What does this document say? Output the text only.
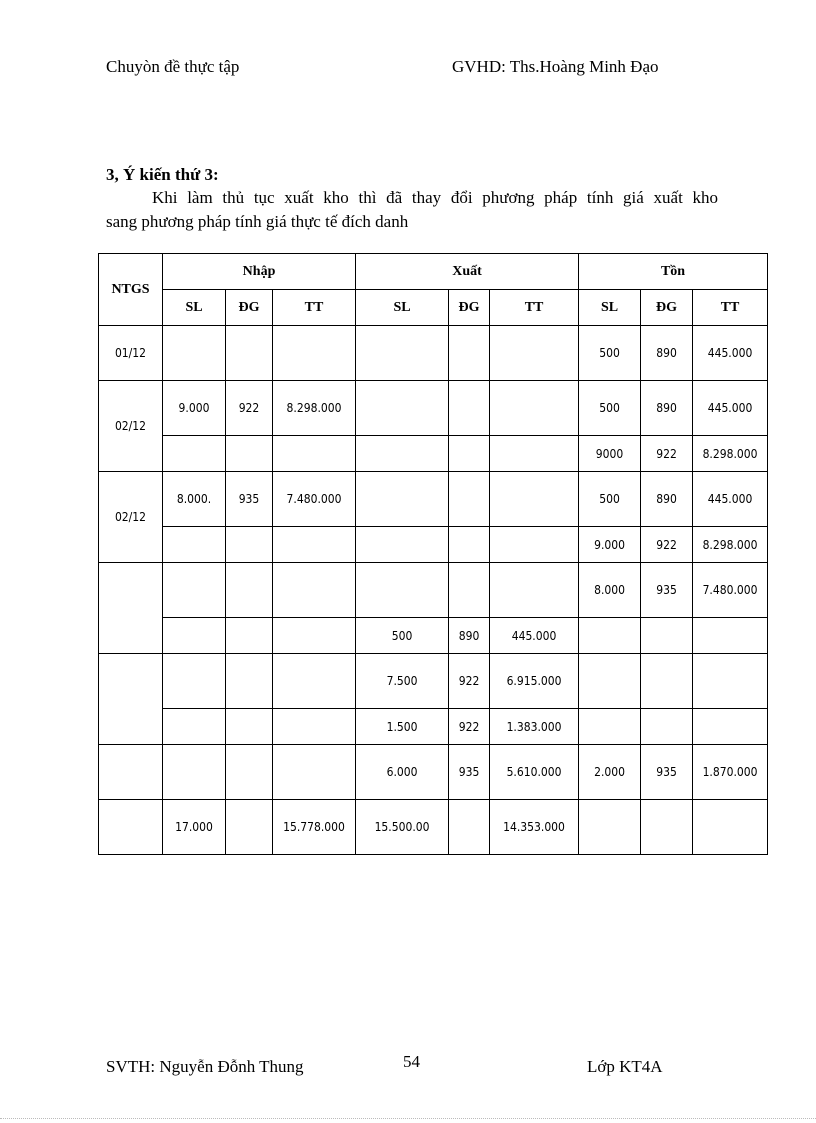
Chuyòn đề thực tập	GVHD: Ths.Hoàng Minh Đạo
3, Ý kiến thứ 3:
Khi làm thủ tục xuất kho thì đã thay đổi phương pháp tính giá xuất kho
sang phương pháp tính giá thực tế đích danh
NTGS	Nhập			Xuất			Tồn		
	SL	ĐG	TT	SL	ĐG	TT	SL	ĐG	TT
01/12							500	890	445.000
02/12	9.000	922	8.298.000				500	890	445.000
							9000	922	8.298.000
02/12	8.000.	935	7.480.000				500	890	445.000
							9.000	922	8.298.000
							8.000	935	7.480.000
				500	890	445.000			
				7.500	922	6.915.000			
				1.500	922	1.383.000			
				6.000	935	5.610.000	2.000	935	1.870.000
	17.000		15.778.000	15.500.00		14.353.000			
SVTH: Nguyễn Đỗnh Thung	54	Lớp KT4A
